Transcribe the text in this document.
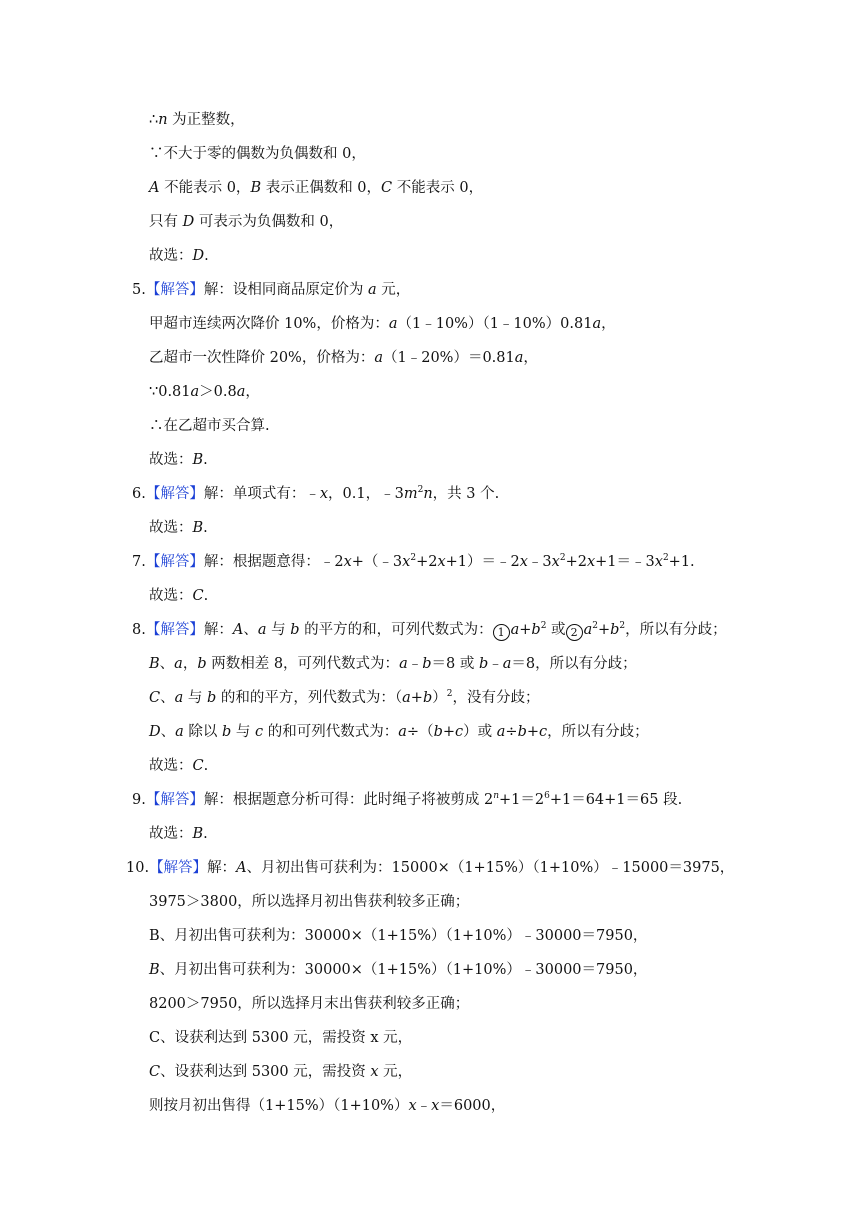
∴n 为正整数，
∵不大于零的偶数为负偶数和 0，
A 不能表示 0，B 表示正偶数和 0，C 不能表示 0，
只有 D 可表示为负偶数和 0，
故选：D.
5.【解答】解：设相同商品原定价为 a 元，
甲超市连续两次降价 10%，价格为：a（1﹣10%）（1﹣10%）0.81a，
乙超市一次性降价 20%，价格为：a（1﹣20%）＝0.81a，
∵0.81a＞0.8a，
∴在乙超市买合算.
故选：B.
6.【解答】解：单项式有：﹣x，0.1，$﹣3m^2n$，共 3 个.
故选：B.
7.【解答】解：根据题意得：$﹣2x+(﹣3x^2+2x+1)=﹣2x﹣3x^2+2x+1=﹣3x^2+1$.
故选：C.
8.【解答】解：A、a 与 b 的平方的和，可列代数式为： 1 $a+b^2$ 或 2 $a^2+b^2$，所以有分歧；
B、a，b 两数相差 8，可列代数式为：a﹣b＝8 或 b﹣a＝8，所以有分歧；
C、a 与 b 的和的平方，列代数式为：$(a+b)^2$，没有分歧；
D、a 除以 b 与 c 的和可列代数式为：a÷（b+c）或 a÷b+c，所以有分歧；
故选：C.
9.【解答】解：根据题意分析可得：此时绳子将被剪成 $2^n+1=2^6+1=64+1=65$ 段.
故选：B.
10.【解答】解：A、月初出售可获利为：15000×（1+15%）（1+10%）﹣15000＝3975，
3975＞3800，所以选择月初出售获利较多正确；
B、月初出售可获利为：30000×（1+15%）（1+10%）﹣30000＝7950，
B、月初出售可获利为：30000×（1+15%）（1+10%）﹣30000＝7950，
8200＞7950，所以选择月末出售获利较多正确；
C、设获利达到 5300 元，需投资 x 元，
C、设获利达到 5300 元，需投资 x 元，
则按月初出售得（1+15%）（1+10%）x﹣x＝6000，
